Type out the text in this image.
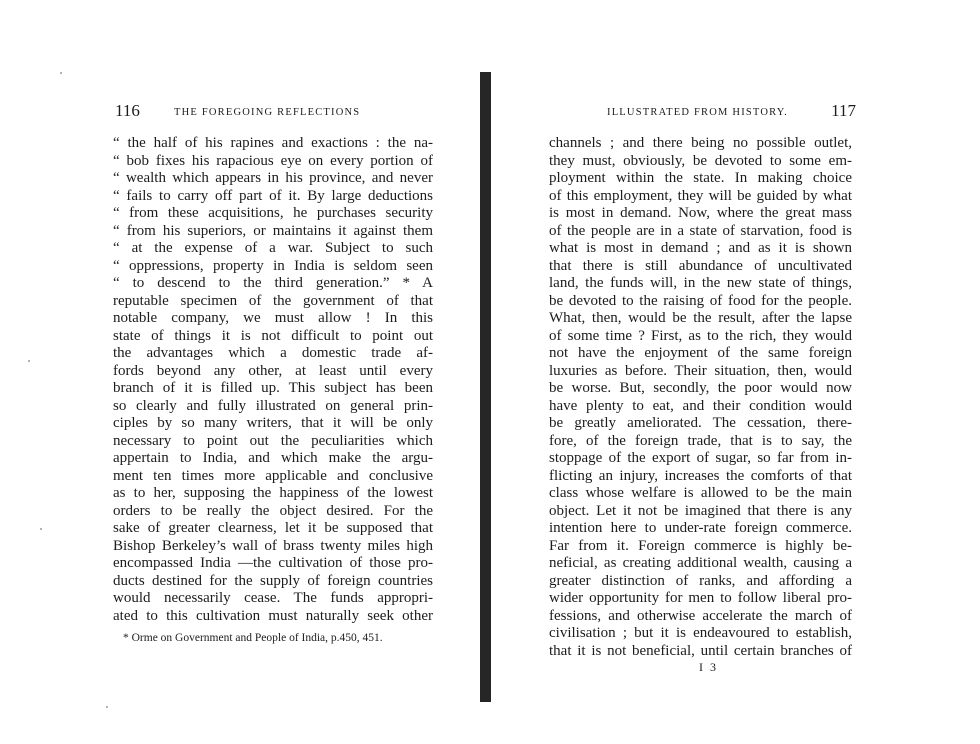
116	THE FOREGOING REFLECTIONS
“ the half of his rapines and exactions : the na-
“ bob fixes his rapacious eye on every portion of
“ wealth which appears in his province, and never
“ fails to carry off part of it. By large deductions
“ from these acquisitions, he purchases security
“ from his superiors, or maintains it against them
“ at the expense of a war. Subject to such
“ oppressions, property in India is seldom seen
“ to descend to the third generation.” * A
reputable specimen of the government of that
notable company, we must allow ! In this
state of things it is not difficult to point out
the advantages which a domestic trade af-
fords beyond any other, at least until every
branch of it is filled up. This subject has been
so clearly and fully illustrated on general prin-
ciples by so many writers, that it will be only
necessary to point out the peculiarities which
appertain to India, and which make the argu-
ment ten times more applicable and conclusive
as to her, supposing the happiness of the lowest
orders to be really the object desired. For the
sake of greater clearness, let it be supposed that
Bishop Berkeley’s wall of brass twenty miles high
encompassed India —the cultivation of those pro-
ducts destined for the supply of foreign countries
would necessarily cease. The funds appropri-
ated to this cultivation must naturally seek other
* Orme on Government and People of India, p.450, 451.
ILLUSTRATED FROM HISTORY.	117
channels ; and there being no possible outlet,
they must, obviously, be devoted to some em-
ployment within the state. In making choice
of this employment, they will be guided by what
is most in demand. Now, where the great mass
of the people are in a state of starvation, food is
what is most in demand ; and as it is shown
that there is still abundance of uncultivated
land, the funds will, in the new state of things,
be devoted to the raising of food for the people.
What, then, would be the result, after the lapse
of some time ? First, as to the rich, they would
not have the enjoyment of the same foreign
luxuries as before. Their situation, then, would
be worse. But, secondly, the poor would now
have plenty to eat, and their condition would
be greatly ameliorated. The cessation, there-
fore, of the foreign trade, that is to say, the
stoppage of the export of sugar, so far from in-
flicting an injury, increases the comforts of that
class whose welfare is allowed to be the main
object. Let it not be imagined that there is any
intention here to under-rate foreign commerce.
Far from it. Foreign commerce is highly be-
neficial, as creating additional wealth, causing a
greater distinction of ranks, and affording a
wider opportunity for men to follow liberal pro-
fessions, and otherwise accelerate the march of
civilisation ; but it is endeavoured to establish,
that it is not beneficial, until certain branches of
I 3
